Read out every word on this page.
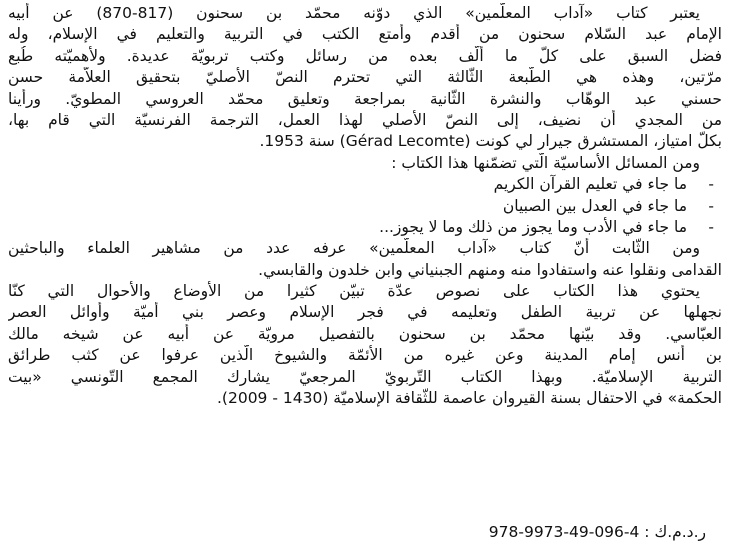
يعتبر كتاب «آداب المعلّمين» الذي دوّنه محمّد بن سحنون (817-870) عن أبيه
الإمام عبد السّلام سحنون من أقدم وأمتع الكتب في التربية والتعليم في الإسلام، وله
فضل السبق على كلّ ما أُلّف بعده من رسائل وكتب تربويّة عديدة. ولأهميّته طُبع
مرّتين، وهذه هي الطّبعة الثّالثة التي تحترم النصّ الأصليّ بتحقيق العلاّمة حسن
حسني عبد الوهّاب والنشرة الثّانية بمراجعة وتعليق محمّد العروسي المطويّ. ورأينا
من المجدي أن نضيف، إلى النصّ الأصلي لهذا العمل، الترجمة الفرنسيّة التي قام بها،
بكلّ امتياز، المستشرق جيرار لي كونت (Gérad Lecomte) سنة 1953.
ومن المسائل الأساسيّة الّتي تضمّنها هذا الكتاب :
- ما جاء في تعليم القرآن الكريم
- ما جاء في العدل بين الصبيان
- ما جاء في الأدب وما يجوز من ذلك وما لا يجوز...
ومن الثّابت أنّ كتاب «آداب المعلّمين» عرفه عدد من مشاهير العلماء والباحثين
القدامى ونقلوا عنه واستفادوا منه ومنهم الجبنياني وابن خلدون والقابسي.
يحتوي هذا الكتاب على نصوص عدّة تبيّن كثيرا من الأوضاع والأحوال التي كنّا
نجهلها عن تربية الطفل وتعليمه في فجر الإسلام وعصر بني أميّة وأوائل العصر
العبّاسي. وقد بيّنها محمّد بن سحنون بالتفصيل مرويّة عن أبيه عن شيخه مالك
بن أنس إمام المدينة وعن غيره من الأئمّة والشيوخ الّذين عرفوا عن كثب طرائق
التربية الإسلاميّة. وبهذا الكتاب التّربويّ المرجعيّ يشارك المجمع التّونسي «بيت
الحكمة» في الاحتفال بسنة القيروان عاصمة للثّقافة الإسلاميّة (1430 - 2009).
ر.د.م.ك : 978-9973-49-096-4
